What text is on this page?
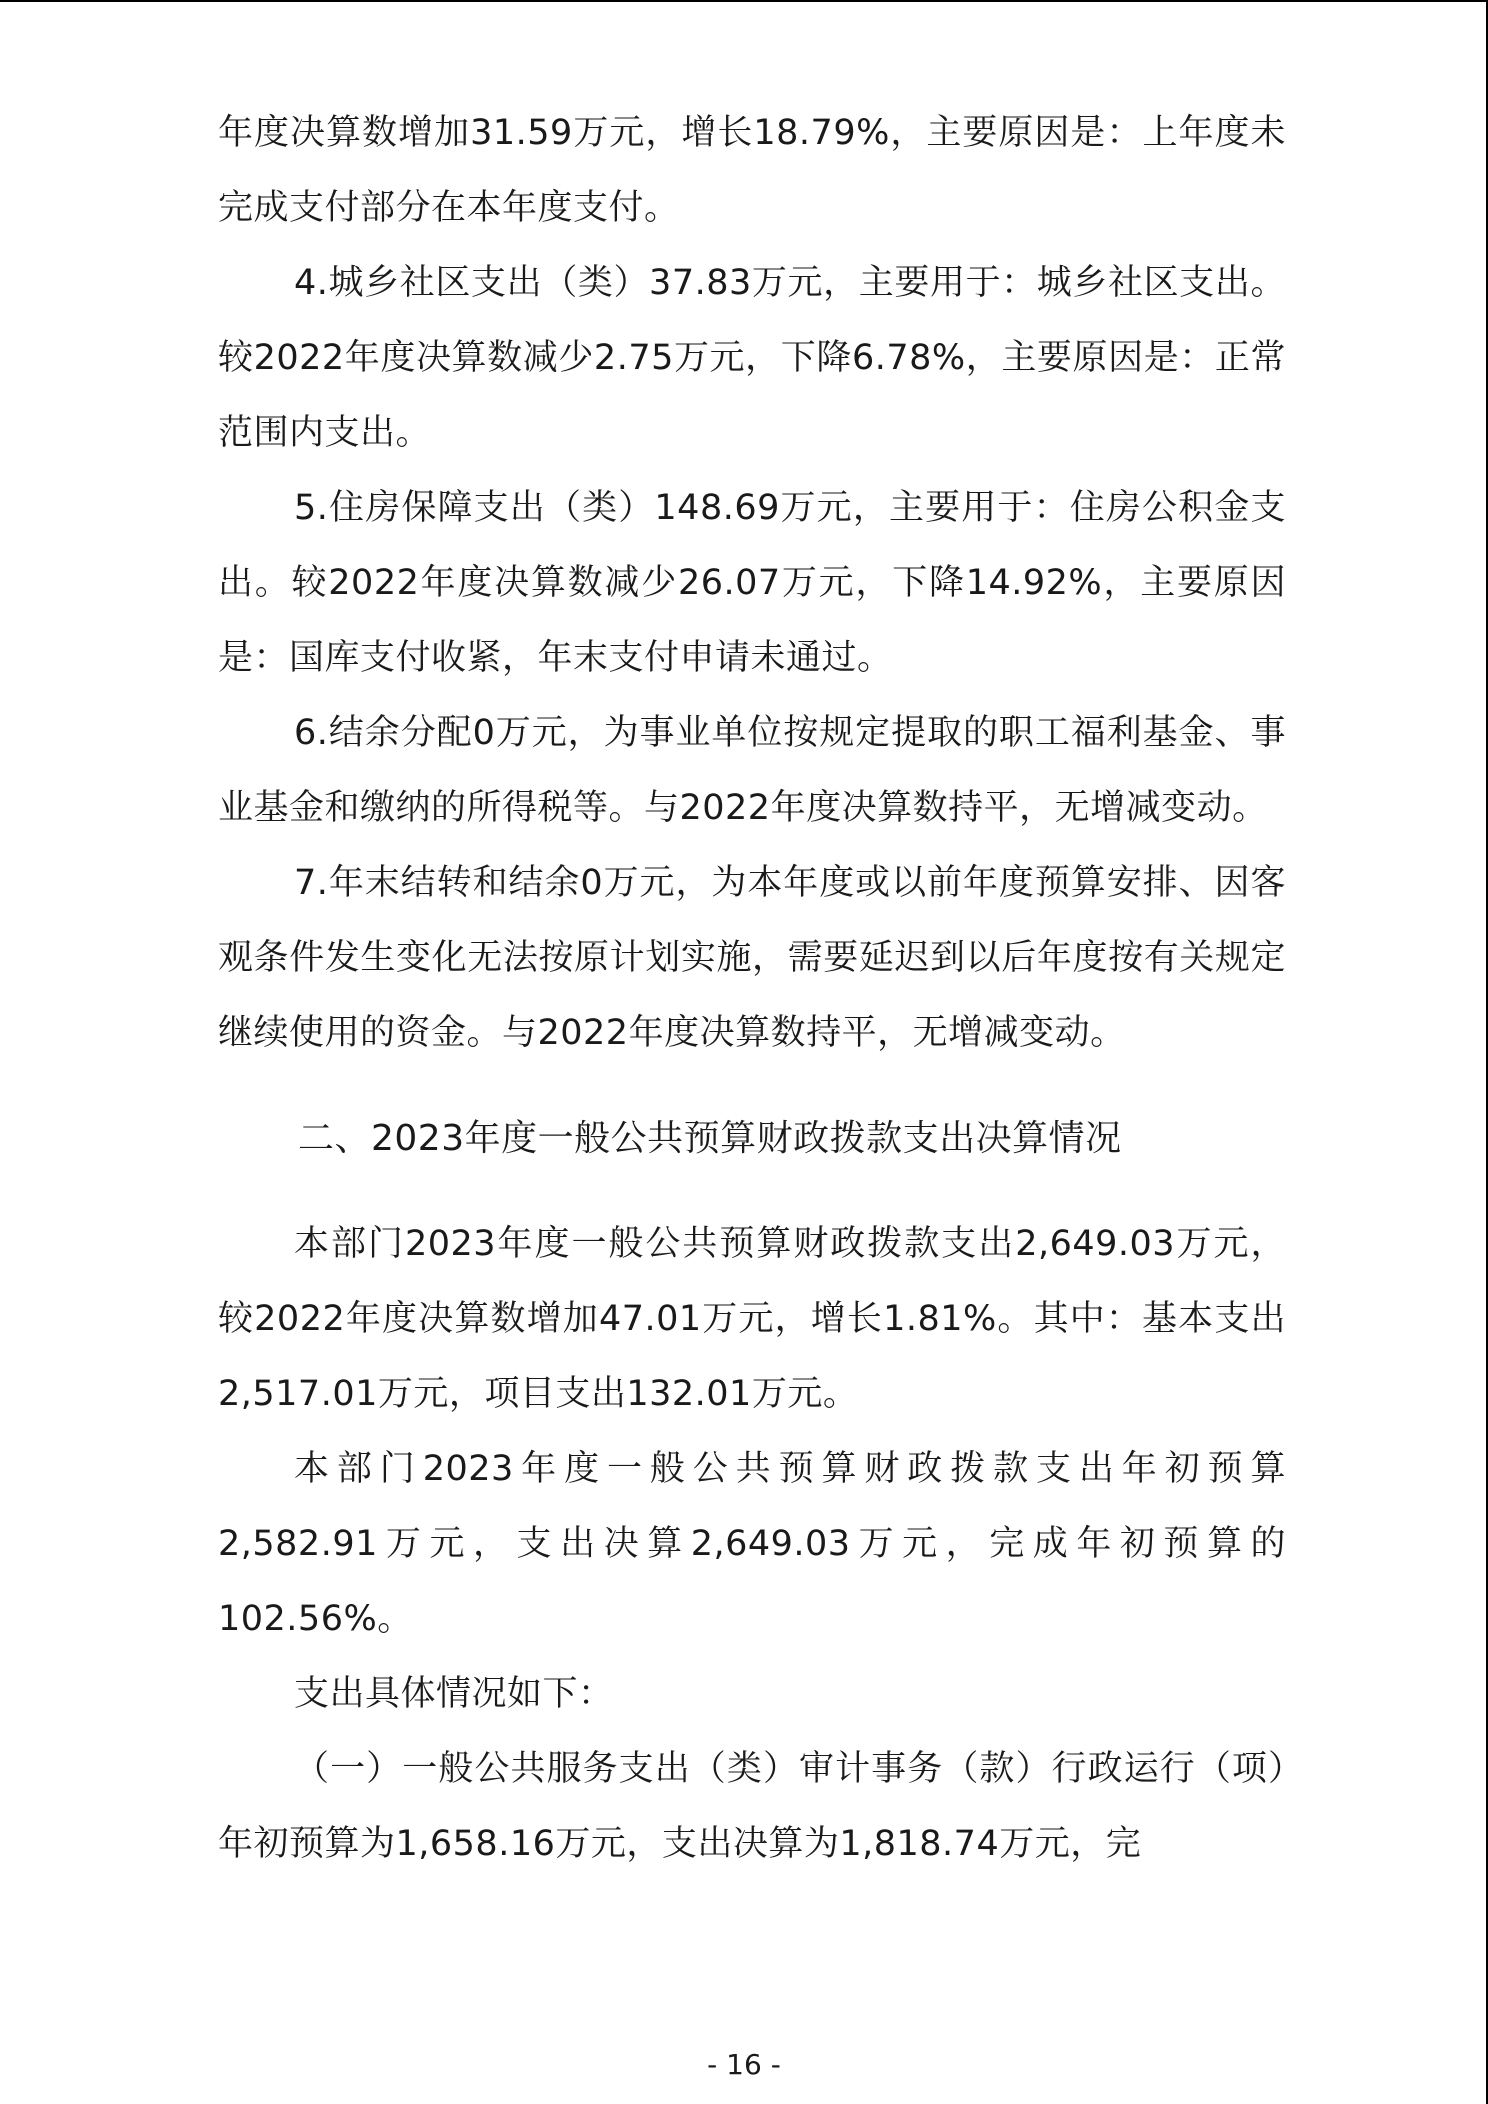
年度决算数增加31.59万元，增长18.79%，主要原因是：上年度未完成支付部分在本年度支付。

4.城乡社区支出（类）37.83万元，主要用于：城乡社区支出。较2022年度决算数减少2.75万元，下降6.78%，主要原因是：正常范围内支出。

5.住房保障支出（类）148.69万元，主要用于：住房公积金支出。较2022年度决算数减少26.07万元，下降14.92%，主要原因是：国库支付收紧，年末支付申请未通过。

6.结余分配0万元，为事业单位按规定提取的职工福利基金、事业基金和缴纳的所得税等。与2022年度决算数持平，无增减变动。

7.年末结转和结余0万元，为本年度或以前年度预算安排、因客观条件发生变化无法按原计划实施，需要延迟到以后年度按有关规定继续使用的资金。与2022年度决算数持平，无增减变动。

二、2023年度一般公共预算财政拨款支出决算情况

本部门2023年度一般公共预算财政拨款支出2,649.03万元，较2022年度决算数增加47.01万元，增长1.81%。其中：基本支出2,517.01万元，项目支出132.01万元。

本部门2023年度一般公共预算财政拨款支出年初预算2,582.91万元，支出决算2,649.03万元，完成年初预算的102.56%。

支出具体情况如下：

（一）一般公共服务支出（类）审计事务（款）行政运行（项）年初预算为1,658.16万元，支出决算为1,818.74万元，完

- 16 -
